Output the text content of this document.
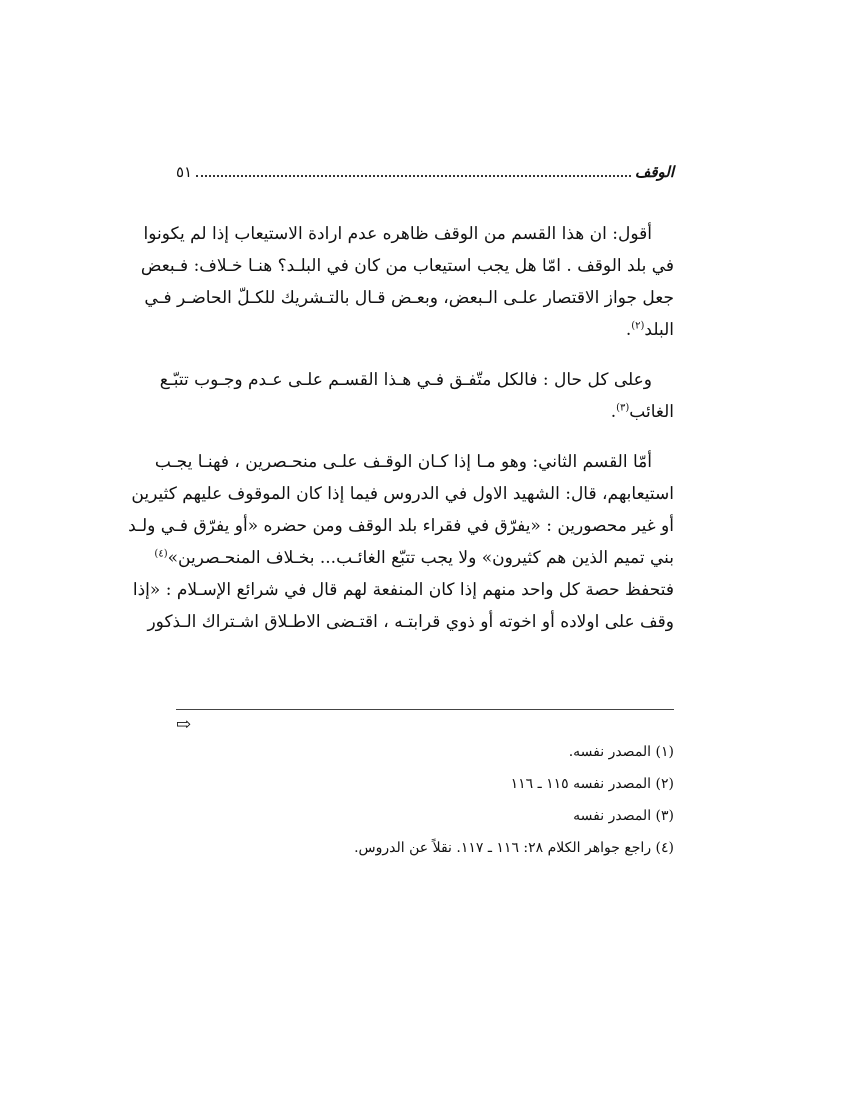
الوقف
٥١
أقول: ان هذا القسم من الوقف ظاهره عدم ارادة الاستيعاب إذا لم يكونوا
في بلد الوقف . امّا هل يجب استيعاب من كان في البلـد؟ هنـا خـلاف: فـبعض
جعل جواز الاقتصار علـى الـبعض، وبعـض قـال بالتـشريك للكـلّ الحاضـر فـي
البلد$^{(٢)}$.
وعلى كل حال : فالكل متّفـق فـي هـذا القسـم علـى عـدم وجـوب تتبّـع
الغائب$^{(٣)}$.
أمّا القسم الثاني: وهو مـا إذا كـان الوقـف علـى منحـصرين ، فهنـا يجـب
استيعابهم، قال: الشهيد الاول في الدروس فيما إذا كان الموقوف عليهم كثيرين
أو غير محصورين : «يفرّق في فقراء بلد الوقف ومن حضره «أو يفرّق فـي ولـد
بني تميم الذين هم كثيرون» ولا يجب تتبّع الغائـب... بخـلاف المنحـصرين»$^{(٤)}$
فتحفظ حصة كل واحد منهم إذا كان المنفعة لهم قال في شرائع الإسـلام : «إذا
وقف على اولاده أو اخوته أو ذوي قرابتـه ، اقتـضى الاطـلاق اشـتراك الـذكور
⇨
(١) المصدر نفسه.
(٢) المصدر نفسه ١١٥ ـ ١١٦
(٣) المصدر نفسه
(٤) راجع جواهر الكلام ٢٨: ١١٦ ـ ١١٧. نقلاً عن الدروس.
